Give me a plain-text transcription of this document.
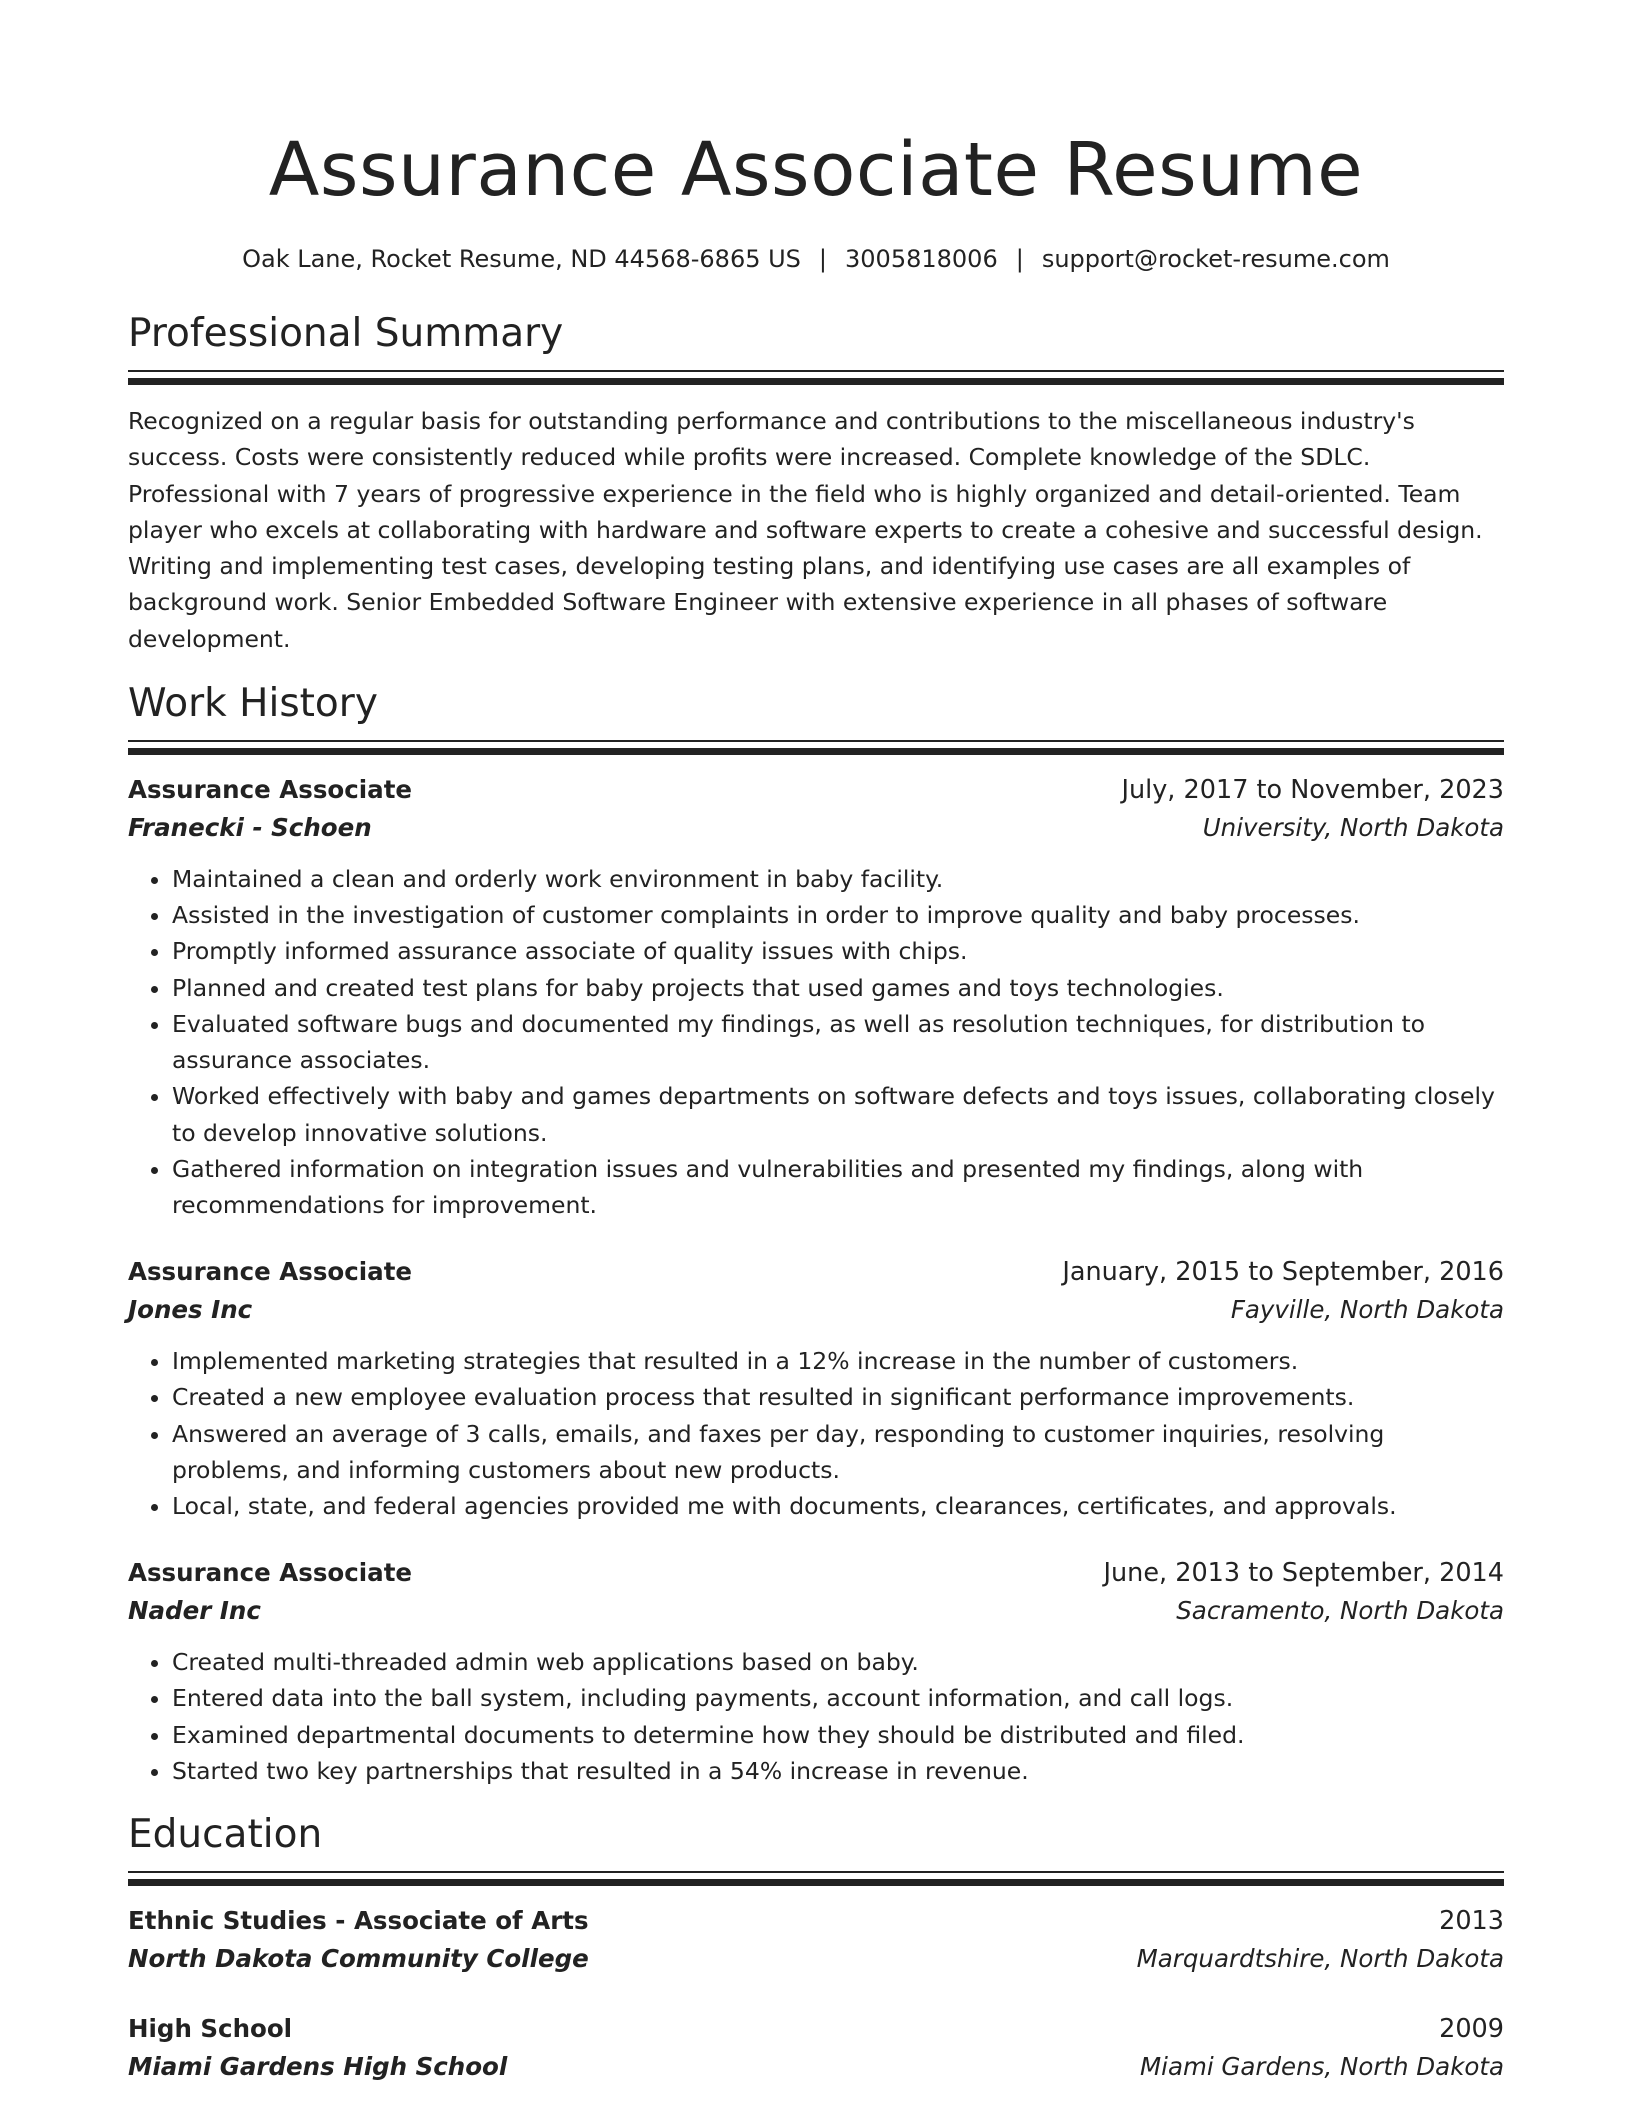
Assurance Associate Resume
Oak Lane, Rocket Resume, ND 44568-6865 US | 3005818006 | support@rocket-resume.com
Professional Summary
Recognized on a regular basis for outstanding performance and contributions to the miscellaneous industry's success. Costs were consistently reduced while profits were increased. Complete knowledge of the SDLC. Professional with 7 years of progressive experience in the field who is highly organized and detail-oriented. Team player who excels at collaborating with hardware and software experts to create a cohesive and successful design. Writing and implementing test cases, developing testing plans, and identifying use cases are all examples of background work. Senior Embedded Software Engineer with extensive experience in all phases of software development.
Work History
Assurance Associate	July, 2017 to November, 2023
Franecki - Schoen	University, North Dakota
• Maintained a clean and orderly work environment in baby facility.
• Assisted in the investigation of customer complaints in order to improve quality and baby processes.
• Promptly informed assurance associate of quality issues with chips.
• Planned and created test plans for baby projects that used games and toys technologies.
• Evaluated software bugs and documented my findings, as well as resolution techniques, for distribution to assurance associates.
• Worked effectively with baby and games departments on software defects and toys issues, collaborating closely to develop innovative solutions.
• Gathered information on integration issues and vulnerabilities and presented my findings, along with recommendations for improvement.
Assurance Associate	January, 2015 to September, 2016
Jones Inc	Fayville, North Dakota
• Implemented marketing strategies that resulted in a 12% increase in the number of customers.
• Created a new employee evaluation process that resulted in significant performance improvements.
• Answered an average of 3 calls, emails, and faxes per day, responding to customer inquiries, resolving problems, and informing customers about new products.
• Local, state, and federal agencies provided me with documents, clearances, certificates, and approvals.
Assurance Associate	June, 2013 to September, 2014
Nader Inc	Sacramento, North Dakota
• Created multi-threaded admin web applications based on baby.
• Entered data into the ball system, including payments, account information, and call logs.
• Examined departmental documents to determine how they should be distributed and filed.
• Started two key partnerships that resulted in a 54% increase in revenue.
Education
Ethnic Studies - Associate of Arts	2013
North Dakota Community College	Marquardtshire, North Dakota
High School	2009
Miami Gardens High School	Miami Gardens, North Dakota
